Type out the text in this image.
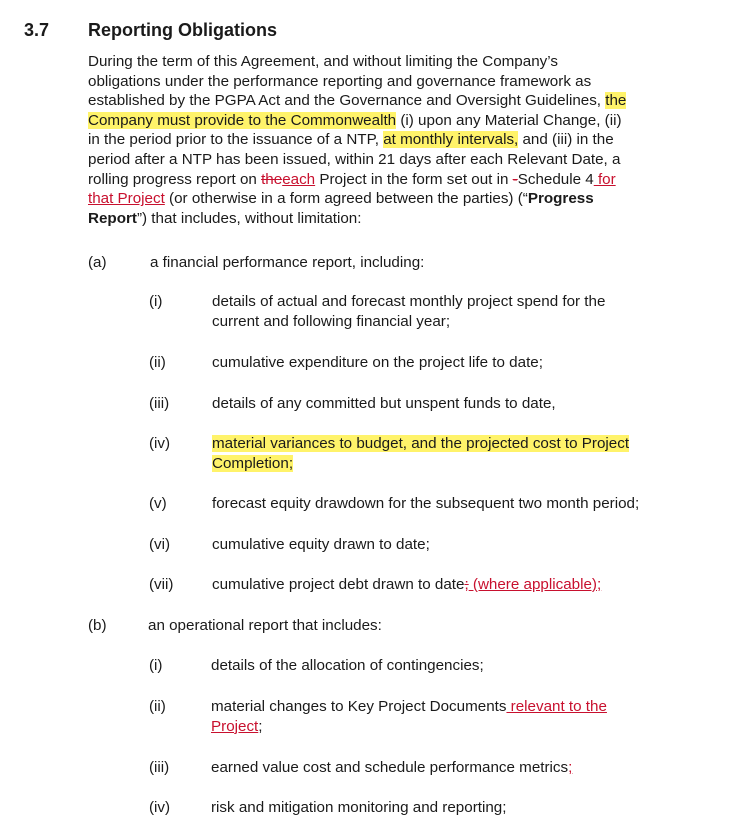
3.7 Reporting Obligations
During the term of this Agreement, and without limiting the Company’s
obligations under the performance reporting and governance framework as
established by the PGPA Act and the Governance and Oversight Guidelines, the
Company must provide to the Commonwealth (i) upon any Material Change, (ii)
in the period prior to the issuance of a NTP, at monthly intervals, and (iii) in the
period after a NTP has been issued, within 21 days after each Relevant Date, a
rolling progress report on theeach Project in the form set out in -Schedule 4 for
that Project (or otherwise in a form agreed between the parties) (“Progress
Report”) that includes, without limitation:
(a)	a financial performance report, including:
(i)	details of actual and forecast monthly project spend for the
current and following financial year;
(ii)	cumulative expenditure on the project life to date;
(iii)	details of any committed but unspent funds to date,
(iv)	material variances to budget, and the projected cost to Project
Completion;
(v)	forecast equity drawdown for the subsequent two month period;
(vi)	cumulative equity drawn to date;
(vii)	cumulative project debt drawn to date; (where applicable);
(b)	an operational report that includes:
(i)	details of the allocation of contingencies;
(ii)	material changes to Key Project Documents relevant to the
Project;
(iii)	earned value cost and schedule performance metrics;
(iv)	risk and mitigation monitoring and reporting;
